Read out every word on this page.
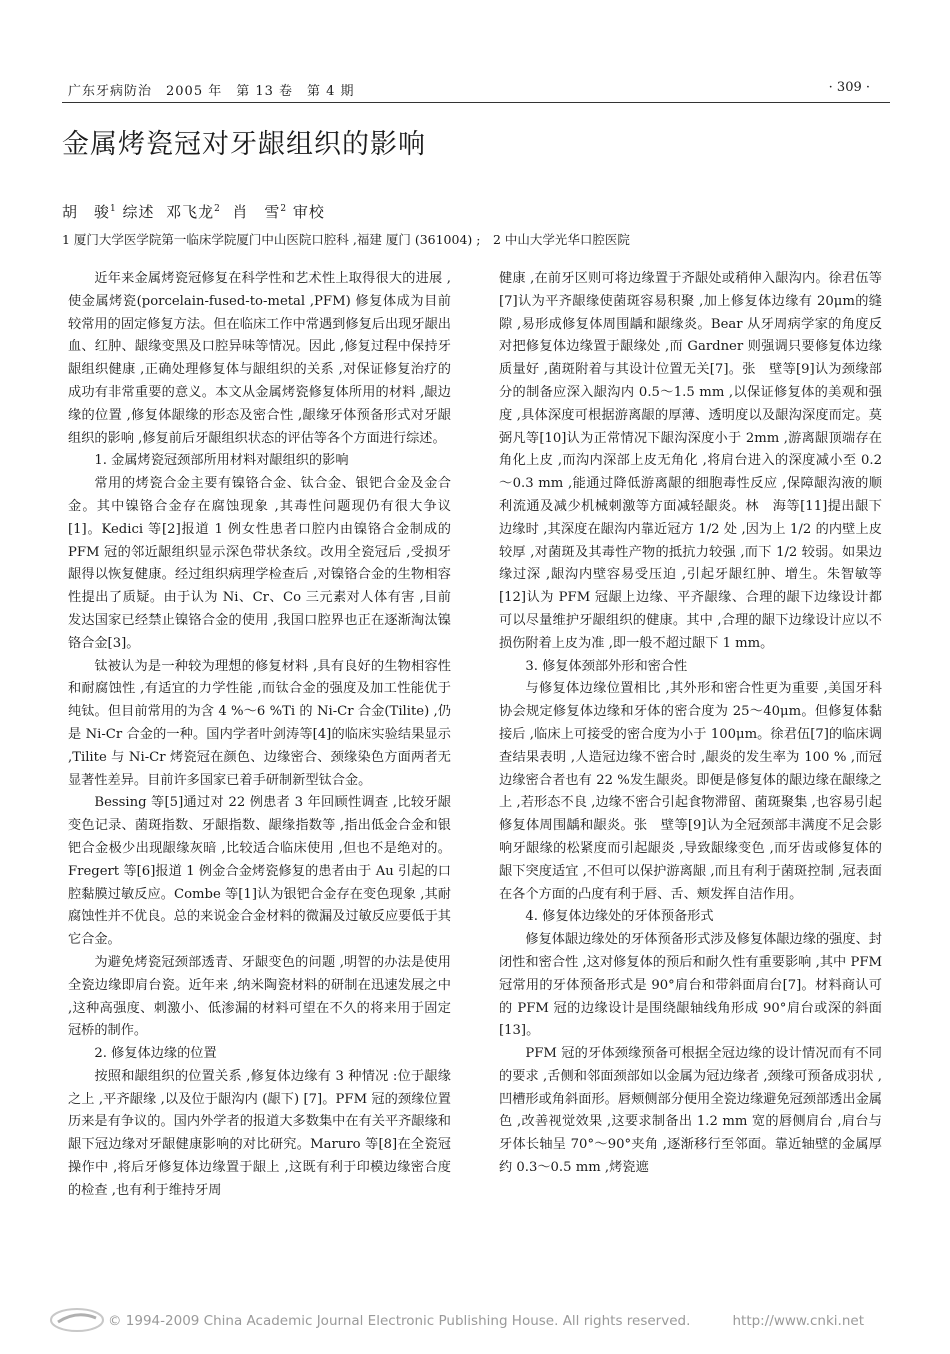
广东牙病防治　2005 年　第 13 卷　第 4 期	· 309 ·
金属烤瓷冠对牙龈组织的影响
胡　骏$^1$ 综述 邓飞龙$^2$ 肖　雪$^2$ 审校
1 厦门大学医学院第一临床学院厦门中山医院口腔科 ,福建 厦门 (361004) ;　2 中山大学光华口腔医院

近年来金属烤瓷冠修复在科学性和艺术性上取得很大的进展 ,使金属烤瓷(porcelain-fused-to-metal ,PFM) 修复体成为目前较常用的固定修复方法。但在临床工作中常遇到修复后出现牙龈出血、红肿、龈缘变黑及口腔异味等情况。因此 ,修复过程中保持牙龈组织健康 ,正确处理修复体与龈组织的关系 ,对保证修复治疗的成功有非常重要的意义。本文从金属烤瓷修复体所用的材料 ,龈边缘的位置 ,修复体龈缘的形态及密合性 ,龈缘牙体预备形式对牙龈组织的影响 ,修复前后牙龈组织状态的评估等各个方面进行综述。

1. 金属烤瓷冠颈部所用材料对龈组织的影响

常用的烤瓷合金主要有镍铬合金、钛合金、银钯合金及金合金。其中镍铬合金存在腐蚀现象 ,其毒性问题现仍有很大争议[1]。Kedici 等[2]报道 1 例女性患者口腔内由镍铬合金制成的 PFM 冠的邻近龈组织显示深色带状条纹。改用全瓷冠后 ,受损牙龈得以恢复健康。经过组织病理学检查后 ,对镍铬合金的生物相容性提出了质疑。由于认为 Ni、Cr、Co 三元素对人体有害 ,目前发达国家已经禁止镍铬合金的使用 ,我国口腔界也正在逐渐淘汰镍铬合金[3]。

钛被认为是一种较为理想的修复材料 ,具有良好的生物相容性和耐腐蚀性 ,有适宜的力学性能 ,而钛合金的强度及加工性能优于纯钛。但目前常用的为含 4 %～6 %Ti 的 Ni-Cr 合金(Tilite) ,仍是 Ni-Cr 合金的一种。国内学者叶剑涛等[4]的临床实验结果显示 ,Tilite 与 Ni-Cr 烤瓷冠在颜色、边缘密合、颈缘染色方面两者无显著性差异。目前许多国家已着手研制新型钛合金。

Bessing 等[5]通过对 22 例患者 3 年回顾性调查 ,比较牙龈变色记录、菌斑指数、牙龈指数、龈缘指数等 ,指出低金合金和银钯合金极少出现龈缘灰暗 ,比较适合临床使用 ,但也不是绝对的。Fregert 等[6]报道 1 例金合金烤瓷修复的患者由于 Au 引起的口腔黏膜过敏反应。Combe 等[1]认为银钯合金存在变色现象 ,其耐腐蚀性并不优良。总的来说金合金材料的微漏及过敏反应要低于其它合金。

为避免烤瓷冠颈部透青、牙龈变色的问题 ,明智的办法是使用全瓷边缘即肩台瓷。近年来 ,纳米陶瓷材料的研制在迅速发展之中 ,这种高强度、刺激小、低渗漏的材料可望在不久的将来用于固定冠桥的制作。

2. 修复体边缘的位置

按照和龈组织的位置关系 ,修复体边缘有 3 种情况 :位于龈缘之上 ,平齐龈缘 ,以及位于龈沟内 (龈下) [7]。PFM 冠的颈缘位置历来是有争议的。国内外学者的报道大多数集中在有关平齐龈缘和龈下冠边缘对牙龈健康影响的对比研究。Maruro 等[8]在全瓷冠操作中 ,将后牙修复体边缘置于龈上 ,这既有利于印模边缘密合度的检查 ,也有利于维持牙周

健康 ,在前牙区则可将边缘置于齐龈处或稍伸入龈沟内。徐君伍等[7]认为平齐龈缘使菌斑容易积聚 ,加上修复体边缘有 20μm的缝隙 ,易形成修复体周围龋和龈缘炎。Bear 从牙周病学家的角度反对把修复体边缘置于龈缘处 ,而 Gardner 则强调只要修复体边缘质量好 ,菌斑附着与其设计位置无关[7]。张　壁等[9]认为颈缘部分的制备应深入龈沟内 0.5～1.5 mm ,以保证修复体的美观和强度 ,具体深度可根据游离龈的厚薄、透明度以及龈沟深度而定。莫弼凡等[10]认为正常情况下龈沟深度小于 2mm ,游离龈顶端存在角化上皮 ,而沟内深部上皮无角化 ,将肩台进入的深度减小至 0.2～0.3 mm ,能通过降低游离龈的细胞毒性反应 ,保障龈沟液的顺利流通及减少机械刺激等方面减轻龈炎。林　海等[11]提出龈下边缘时 ,其深度在龈沟内靠近冠方 1/2 处 ,因为上 1/2 的内壁上皮较厚 ,对菌斑及其毒性产物的抵抗力较强 ,而下 1/2 较弱。如果边缘过深 ,龈沟内壁容易受压迫 ,引起牙龈红肿、增生。朱智敏等[12]认为 PFM 冠龈上边缘、平齐龈缘、合理的龈下边缘设计都可以尽量维护牙龈组织的健康。其中 ,合理的龈下边缘设计应以不损伤附着上皮为准 ,即一般不超过龈下 1 mm。

3. 修复体颈部外形和密合性

与修复体边缘位置相比 ,其外形和密合性更为重要 ,美国牙科协会规定修复体边缘和牙体的密合度为 25～40μm。但修复体黏接后 ,临床上可接受的密合度为小于 100μm。徐君伍[7]的临床调查结果表明 ,人造冠边缘不密合时 ,龈炎的发生率为 100 % ,而冠边缘密合者也有 22 %发生龈炎。即便是修复体的龈边缘在龈缘之上 ,若形态不良 ,边缘不密合引起食物滞留、菌斑聚集 ,也容易引起修复体周围龋和龈炎。张　壁等[9]认为全冠颈部丰满度不足会影响牙龈缘的松紧度而引起龈炎 ,导致龈缘变色 ,而牙齿或修复体的龈下突度适宜 ,不但可以保护游离龈 ,而且有利于菌斑控制 ,冠表面在各个方面的凸度有利于唇、舌、颊发挥自洁作用。

4. 修复体边缘处的牙体预备形式

修复体龈边缘处的牙体预备形式涉及修复体龈边缘的强度、封闭性和密合性 ,这对修复体的预后和耐久性有重要影响 ,其中 PFM 冠常用的牙体预备形式是 90°肩台和带斜面肩台[7]。材料商认可的 PFM 冠的边缘设计是围绕龈轴线角形成 90°肩台或深的斜面[13]。

PFM 冠的牙体颈缘预备可根据全冠边缘的设计情况而有不同的要求 ,舌侧和邻面颈部如以金属为冠边缘者 ,颈缘可预备成羽状 ,凹槽形或角斜面形。唇颊侧部分便用全瓷边缘避免冠颈部透出金属色 ,改善视觉效果 ,这要求制备出 1.2 mm 宽的唇侧肩台 ,肩台与牙体长轴呈 70°～90°夹角 ,逐渐移行至邻面。靠近轴壁的金属厚约 0.3～0.5 mm ,烤瓷遮

© 1994-2009 China Academic Journal Electronic Publishing House. All rights reserved.	http://www.cnki.net
